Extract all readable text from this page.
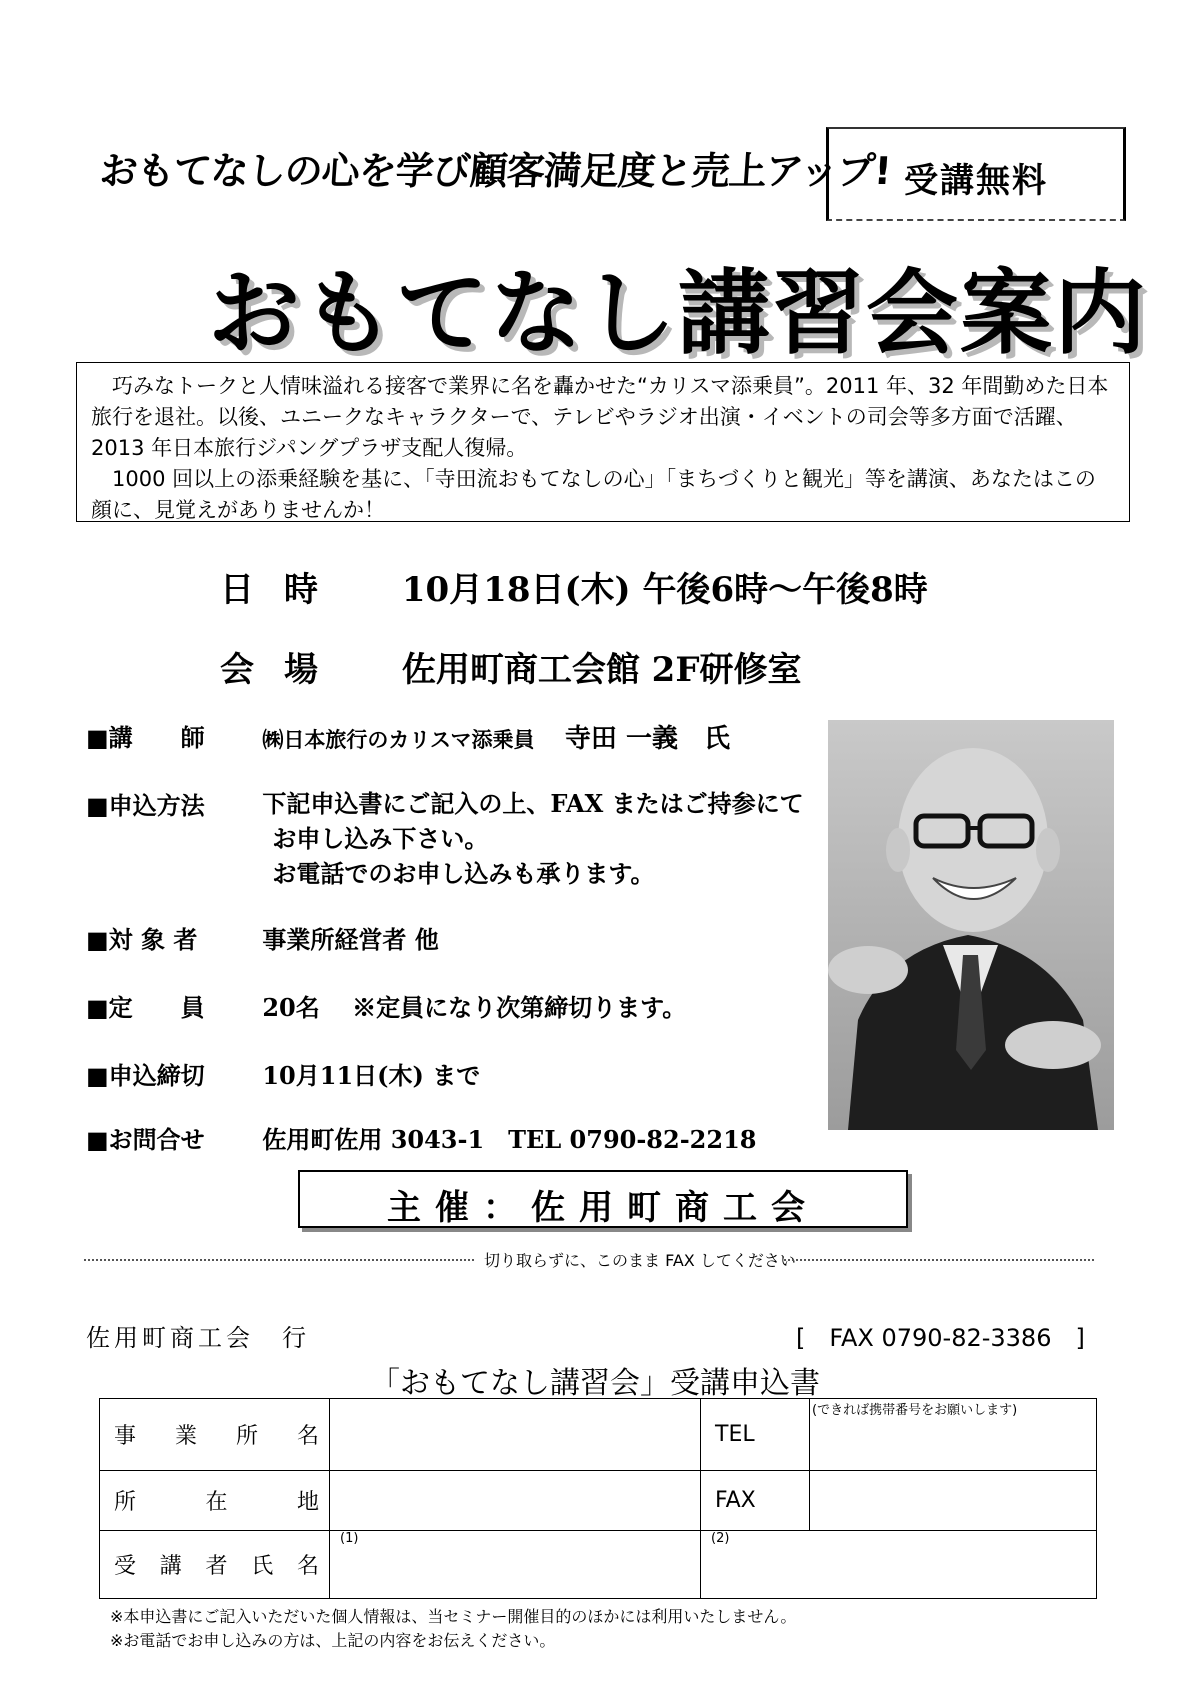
おもてなしの心を学び顧客満足度と売上アップ! 受講無料
おもてなし講習会案内

巧みなトークと人情味溢れる接客で業界に名を轟かせた“カリスマ添乗員”。2011 年、32 年間勤めた日本旅行を退社。以後、ユニークなキャラクターで、テレビやラジオ出演・イベントの司会等多方面で活躍、2013 年日本旅行ジパングプラザ支配人復帰。

1000 回以上の添乗経験を基に、「寺田流おもてなしの心」「まちづくりと観光」等を講演、あなたはこの顔に、見覚えがありませんか！

日時 10月18日(木) 午後6時〜午後8時
会場 佐用町商工会館 2F研修室
■講　　師	㈱日本旅行のカリスマ添乗員 寺田 一義　氏
■申込方法 下記申込書にご記入の上、FAX またはご持参にて
お申し込み下さい。
お電話でのお申し込みも承ります。
■対 象 者	事業所経営者 他
■定　　員 20名　 ※定員になり次第締切ります。
■申込締切 10月11日(木) まで
■お問合せ 佐用町佐用 3043-1　TEL 0790-82-2218
主催：佐用町商工会
切り取らずに、このまま FAX してください
佐用町商工会　行	[　FAX 0790-82-3386　]
「おもてなし講習会」受講申込書
事業所名		TEL	(できれば携帯番号をお願いします)

所在地		FAX	
受講者氏名	(1)	(2)	
※本申込書にご記入いただいた個人情報は、当セミナー開催目的のほかには利用いたしません。
※お電話でお申し込みの方は、上記の内容をお伝えください。
